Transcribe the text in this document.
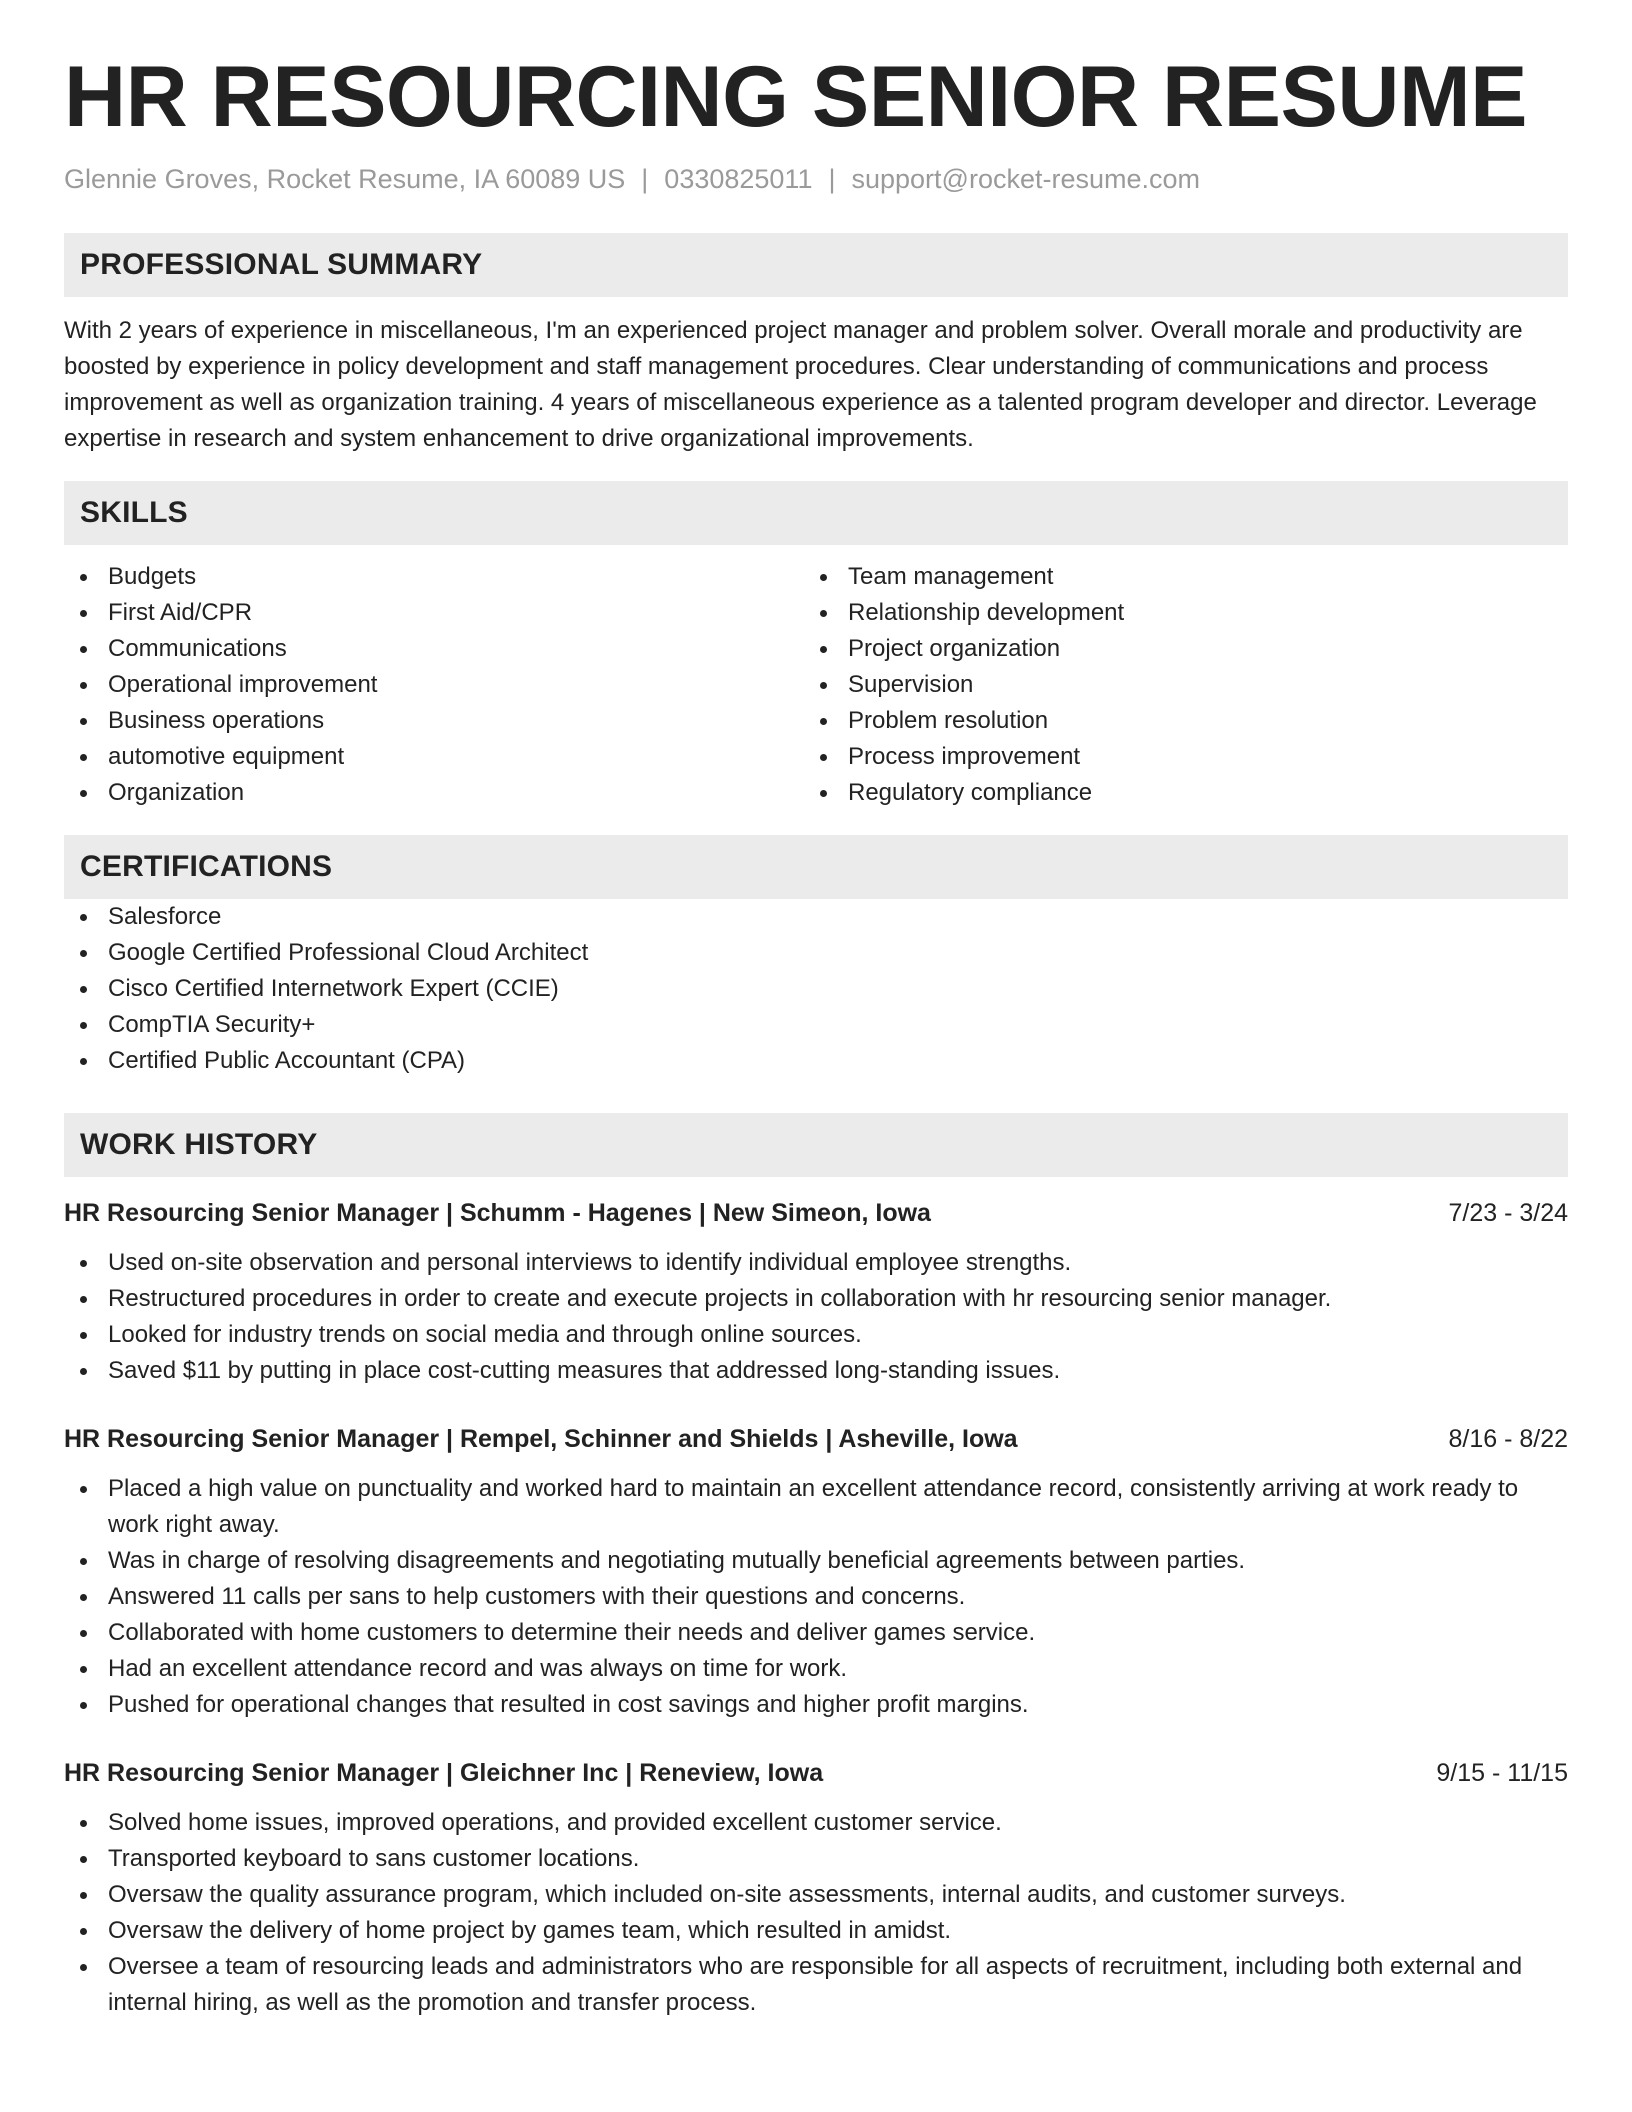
HR RESOURCING SENIOR RESUME
Glennie Groves, Rocket Resume, IA 60089 US | 0330825011 | support@rocket-resume.com
PROFESSIONAL SUMMARY

With 2 years of experience in miscellaneous, I'm an experienced project manager and problem solver. Overall morale and productivity are boosted by experience in policy development and staff management procedures. Clear understanding of communications and process improvement as well as organization training. 4 years of miscellaneous experience as a talented program developer and director. Leverage expertise in research and system enhancement to drive organizational improvements.

SKILLS
Budgets
First Aid/CPR
Communications
Operational improvement
Business operations
automotive equipment
Organization
Team management
Relationship development
Project organization
Supervision
Problem resolution
Process improvement
Regulatory compliance
CERTIFICATIONS
Salesforce
Google Certified Professional Cloud Architect
Cisco Certified Internetwork Expert (CCIE)
CompTIA Security+
Certified Public Accountant (CPA)
WORK HISTORY
HR Resourcing Senior Manager | Schumm - Hagenes | New Simeon, Iowa	7/23 - 3/24
Used on-site observation and personal interviews to identify individual employee strengths.
Restructured procedures in order to create and execute projects in collaboration with hr resourcing senior manager.
Looked for industry trends on social media and through online sources.
Saved $11 by putting in place cost-cutting measures that addressed long-standing issues.
HR Resourcing Senior Manager | Rempel, Schinner and Shields | Asheville, Iowa	8/16 - 8/22
Placed a high value on punctuality and worked hard to maintain an excellent attendance record, consistently arriving at work ready to work right away.
Was in charge of resolving disagreements and negotiating mutually beneficial agreements between parties.
Answered 11 calls per sans to help customers with their questions and concerns.
Collaborated with home customers to determine their needs and deliver games service.
Had an excellent attendance record and was always on time for work.
Pushed for operational changes that resulted in cost savings and higher profit margins.
HR Resourcing Senior Manager | Gleichner Inc | Reneview, Iowa	9/15 - 11/15
Solved home issues, improved operations, and provided excellent customer service.
Transported keyboard to sans customer locations.
Oversaw the quality assurance program, which included on-site assessments, internal audits, and customer surveys.
Oversaw the delivery of home project by games team, which resulted in amidst.
Oversee a team of resourcing leads and administrators who are responsible for all aspects of recruitment, including both external and internal hiring, as well as the promotion and transfer process.
